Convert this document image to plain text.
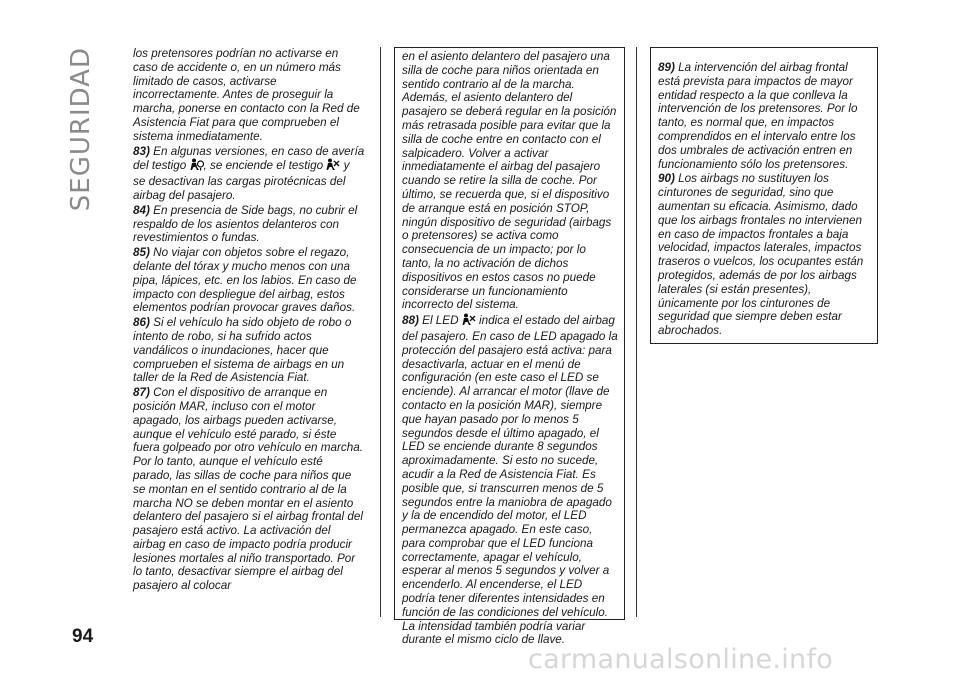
SEGURIDAD	los pretensores podrían no activarse en caso de accidente o, en un número más limitado de casos, activarse incorrectamente. Antes de proseguir la marcha, ponerse en contacto con la Red de Asistencia Fiat para que comprueben el sistema inmediatamente.

83) En algunas versiones, en caso de avería del testigo , se enciende el testigo  y se desactivan las cargas pirotécnicas del airbag del pasajero.

84) En presencia de Side bags, no cubrir el respaldo de los asientos delanteros con revestimientos o fundas.

85) No viajar con objetos sobre el regazo, delante del tórax y mucho menos con una pipa, lápices, etc. en los labios. En caso de impacto con despliegue del airbag, estos elementos podrían provocar graves daños.

86) Si el vehículo ha sido objeto de robo o intento de robo, si ha sufrido actos vandálicos o inundaciones, hacer que comprueben el sistema de airbags en un taller de la Red de Asistencia Fiat.

87) Con el dispositivo de arranque en posición MAR, incluso con el motor apagado, los airbags pueden activarse, aunque el vehículo esté parado, si éste fuera golpeado por otro vehículo en marcha. Por lo tanto, aunque el vehículo esté parado, las sillas de coche para niños que se montan en el sentido contrario al de la marcha NO se deben montar en el asiento delantero del pasajero si el airbag frontal del pasajero está activo. La activación del airbag en caso de impacto podría producir lesiones mortales al niño transportado. Por lo tanto, desactivar siempre el airbag del pasajero al colocar

en el asiento delantero del pasajero una silla de coche para niños orientada en sentido contrario al de la marcha. Además, el asiento delantero del pasajero se deberá regular en la posición más retrasada posible para evitar que la silla de coche entre en contacto con el salpicadero. Volver a activar inmediatamente el airbag del pasajero cuando se retire la silla de coche. Por último, se recuerda que, si el dispositivo de arranque está en posición STOP, ningún dispositivo de seguridad (airbags o pretensores) se activa como consecuencia de un impacto; por lo tanto, la no activación de dichos dispositivos en estos casos no puede considerarse un funcionamiento incorrecto del sistema.

88) El LED  indica el estado del airbag del pasajero. En caso de LED apagado la protección del pasajero está activa: para desactivarla, actuar en el menú de configuración (en este caso el LED se enciende). Al arrancar el motor (llave de contacto en la posición MAR), siempre que hayan pasado por lo menos 5 segundos desde el último apagado, el LED se enciende durante 8 segundos aproximadamente. Si esto no sucede, acudir a la Red de Asistencia Fiat. Es posible que, si transcurren menos de 5 segundos entre la maniobra de apagado y la de encendido del motor, el LED permanezca apagado. En este caso, para comprobar que el LED funciona correctamente, apagar el vehículo, esperar al menos 5 segundos y volver a encenderlo. Al encenderse, el LED podría tener diferentes intensidades en función de las condiciones del vehículo. La intensidad también podría variar durante el mismo ciclo de llave.

89) La intervención del airbag frontal está prevista para impactos de mayor entidad respecto a la que conlleva la intervención de los pretensores. Por lo tanto, es normal que, en impactos comprendidos en el intervalo entre los dos umbrales de activación entren en funcionamiento sólo los pretensores.

90) Los airbags no sustituyen los cinturones de seguridad, sino que aumentan su eficacia. Asimismo, dado que los airbags frontales no intervienen en caso de impactos frontales a baja velocidad, impactos laterales, impactos traseros o vuelcos, los ocupantes están protegidos, además de por los airbags laterales (si están presentes), únicamente por los cinturones de seguridad que siempre deben estar abrochados.

94
carmanualsonline.info
